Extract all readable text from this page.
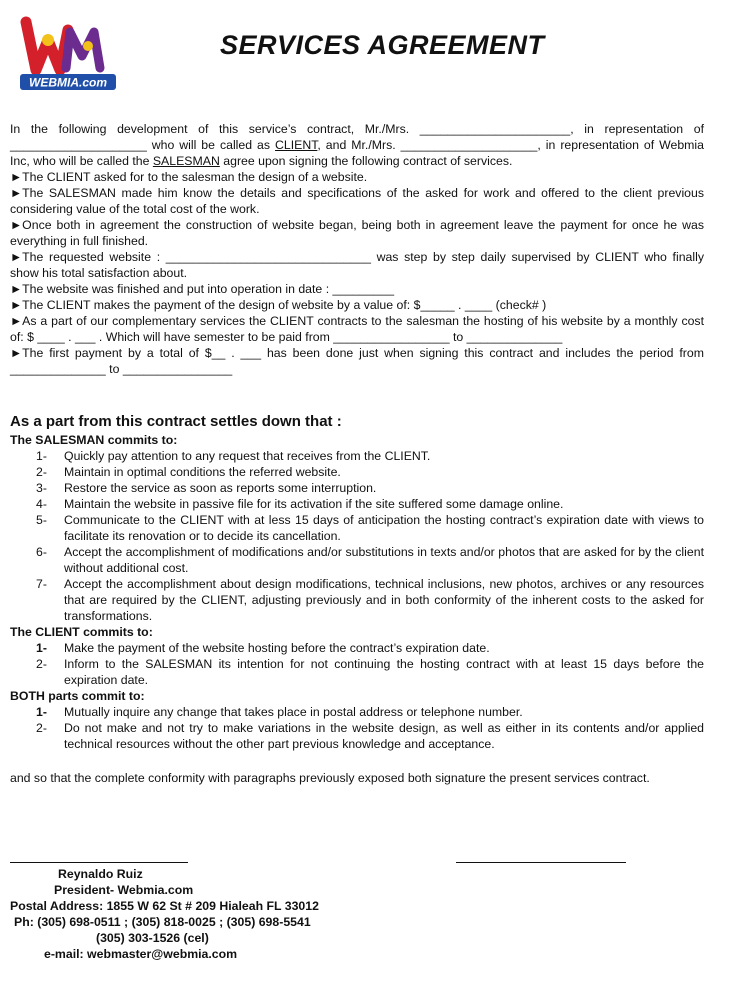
WEBMIA.com
SERVICES AGREEMENT

In the following development of this service’s contract, Mr./Mrs. ______________________, in representation of ____________________ who will be called as CLIENT, and Mr./Mrs. ____________________, in representation of Webmia Inc, who will be called the SALESMAN agree upon signing the following contract of services.

►The CLIENT asked for to the salesman the design of a website.

►The SALESMAN made him know the details and specifications of the asked for work and offered to the client previous considering value of the total cost of the work.

►Once both in agreement the construction of website began, being both in agreement leave the payment for once he was everything in full finished.

►The requested website : ______________________________ was step by step daily supervised by CLIENT who finally show his total satisfaction about.

►The website was finished and put into operation in date : _________

►The CLIENT makes the payment of the design of website by a value of: $_____ . ____ (check# )

►As a part of our complementary services the CLIENT contracts to the salesman the hosting of his website by a monthly cost of: $ ____ . ___ . Which will have semester to be paid from _________________ to ______________

►The first payment by a total of $__ . ___ has been done just when signing this contract and includes the period from ______________ to ________________

As a part from this contract settles down that :

The SALESMAN commits to:

1-	Quickly pay attention to any request that receives from the CLIENT.
2-	Maintain in optimal conditions the referred website.
3-	Restore the service as soon as reports some interruption.
4-	Maintain the website in passive file for its activation if the site suffered some damage online.
5-	Communicate to the CLIENT with at less 15 days of anticipation the hosting contract’s expiration date with views to facilitate its renovation or to decide its cancellation.
6-	Accept the accomplishment of modifications and/or substitutions in texts and/or photos that are asked for by the client without additional cost.
7-	Accept the accomplishment about design modifications, technical inclusions, new photos, archives or any resources that are required by the CLIENT, adjusting previously and in both conformity of the inherent costs to the asked for transformations.

The CLIENT commits to:

1-	Make the payment of the website hosting before the contract’s expiration date.
2-	Inform to the SALESMAN its intention for not continuing the hosting contract with at least 15 days before the expiration date.

BOTH parts commit to:

1-	Mutually inquire any change that takes place in postal address or telephone number.
2-	Do not make and not try to make variations in the website design, as well as either in its contents and/or applied technical resources without the other part previous knowledge and acceptance.
and so that the complete conformity with paragraphs previously exposed both signature the present services contract.
Reynaldo Ruiz
President- Webmia.com
Postal Address: 1855 W 62 St # 209 Hialeah FL 33012
Ph: (305) 698-0511 ; (305) 818-0025 ; (305) 698-5541
(305) 303-1526 (cel)
e-mail: webmaster@webmia.com
